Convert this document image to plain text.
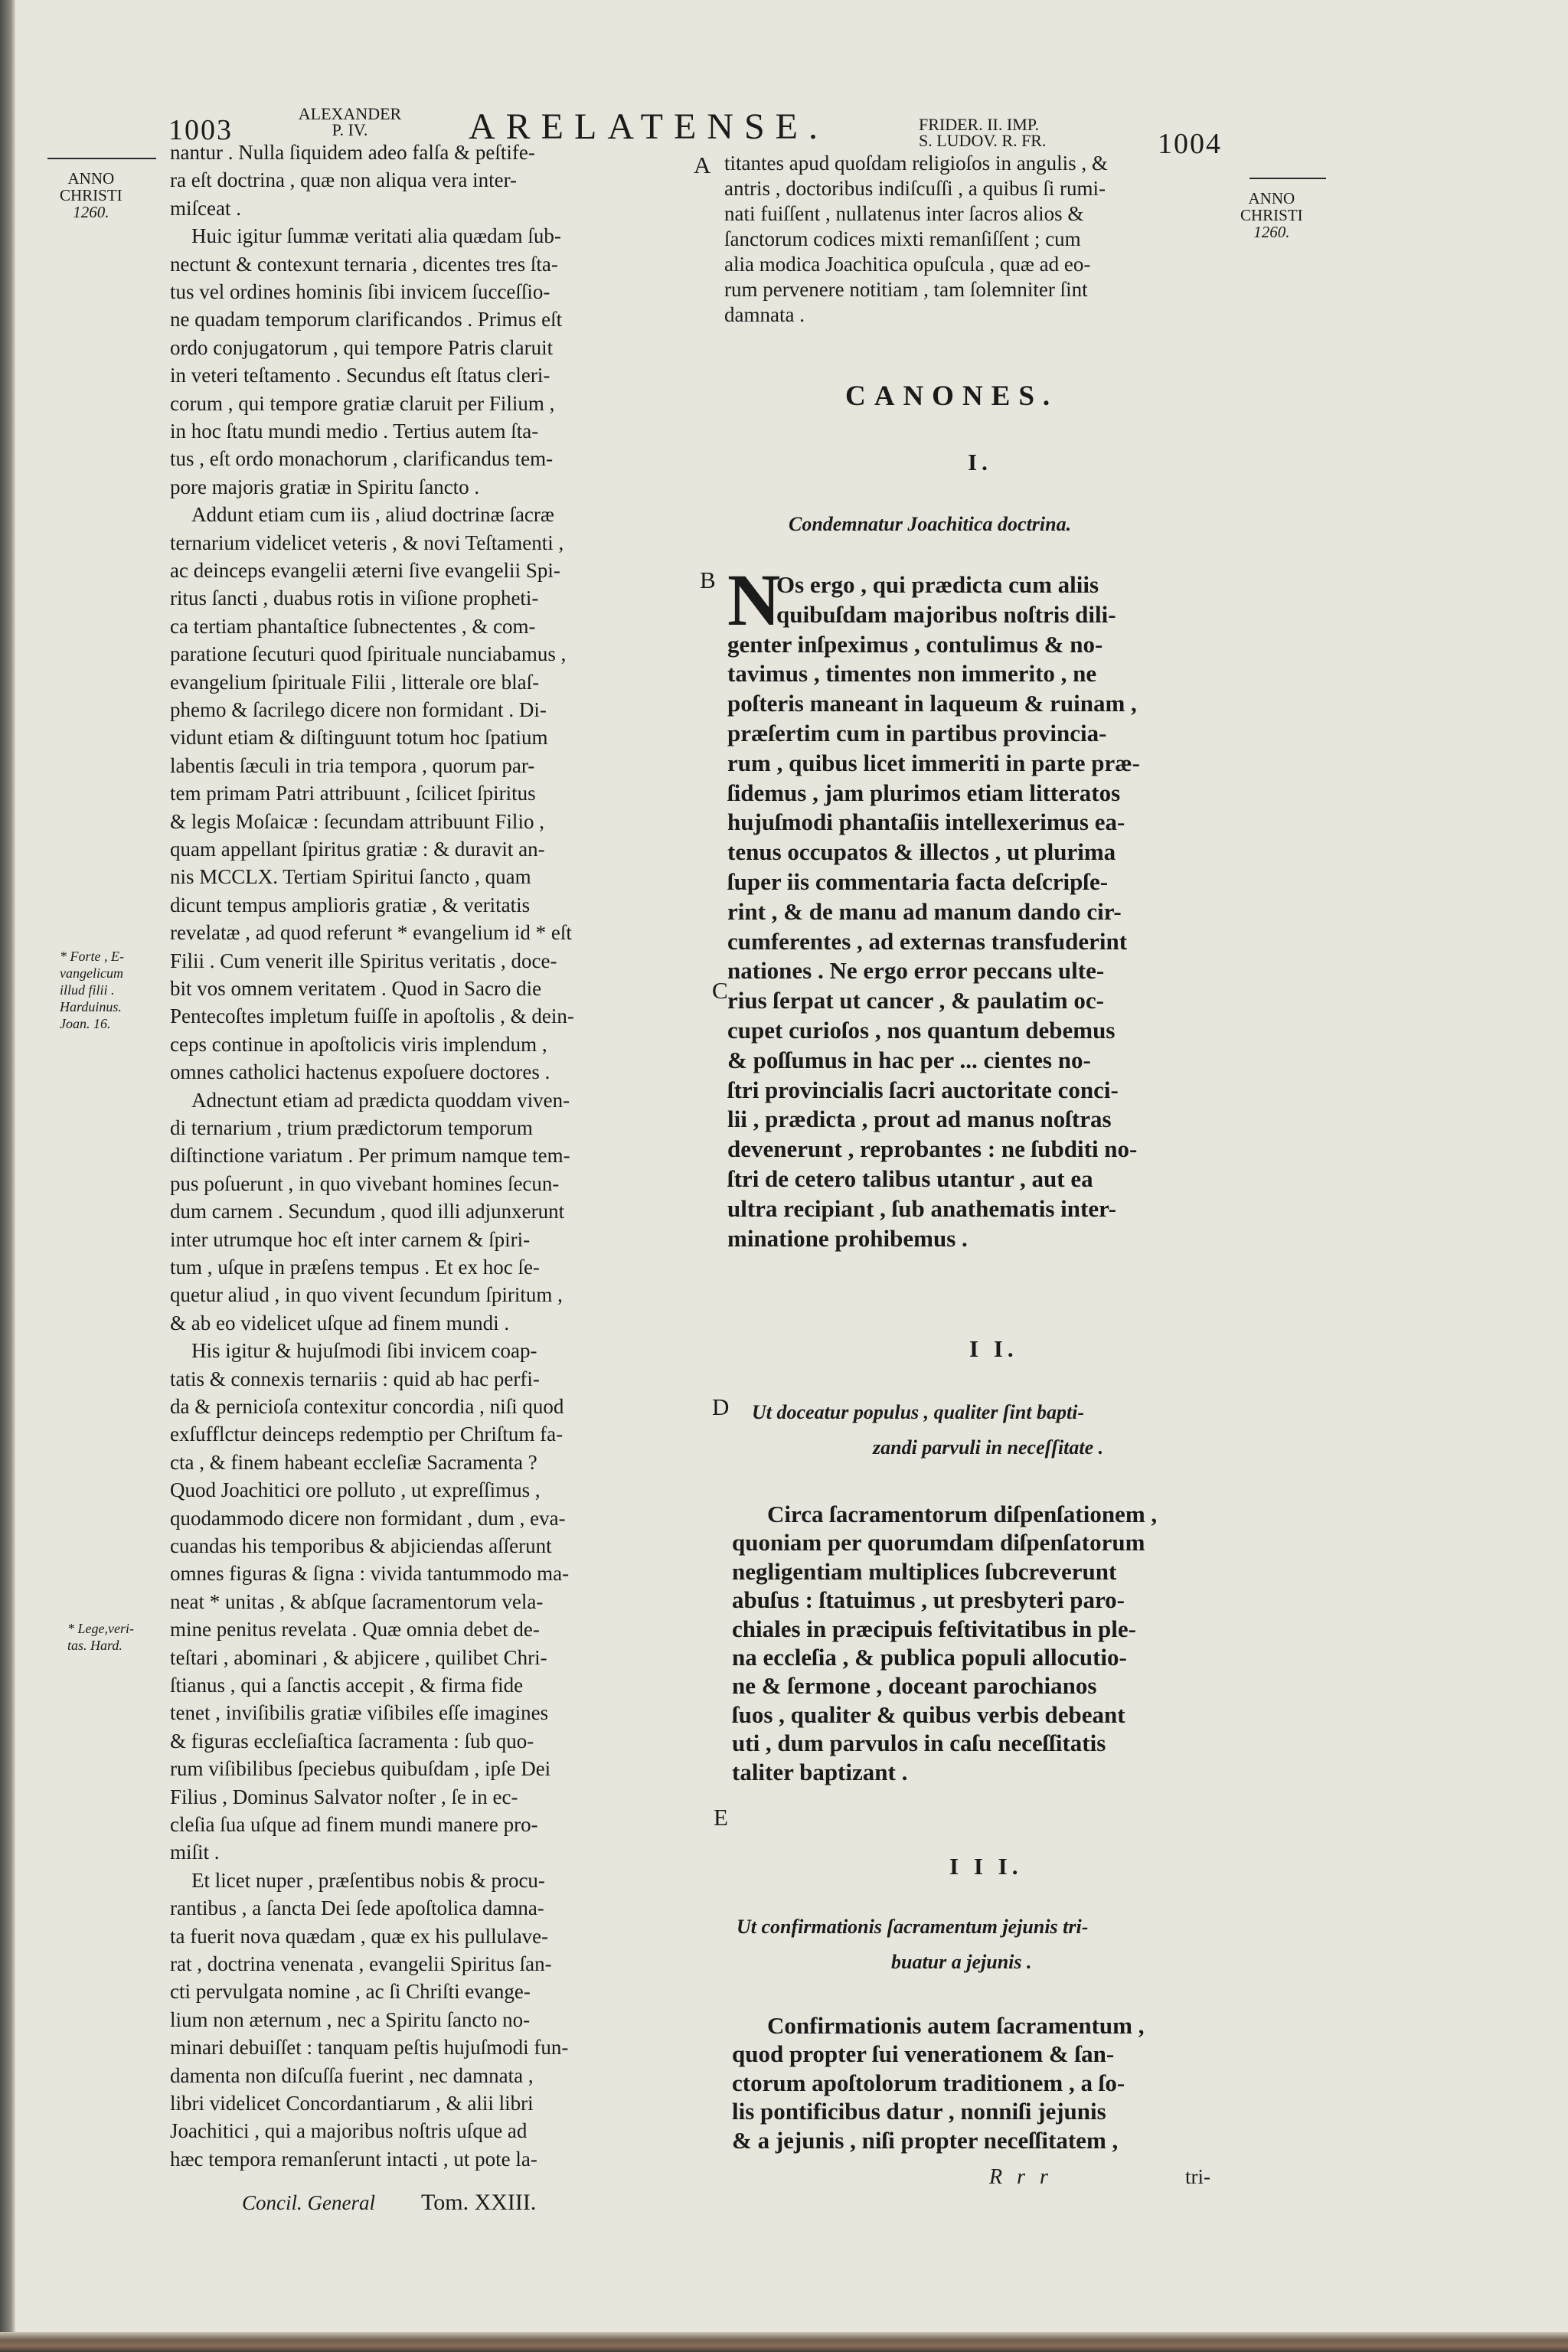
1003
ALEXANDER
P. IV.	ARELATENSE.	FRIDER. II. IMP.
S. LUDOV. R. FR.	1004
ANNO
CHRISTI
1260.
ANNO
CHRISTI
1260.
* Forte , E-
vangelicum
illud filii .
Harduinus.
Joan. 16.
* Lege,veri-
tas. Hard.
A
B
C
D
E
nantur . Nulla ſiquidem adeo falſa & peſtife-
ra eſt doctrina , quæ non aliqua vera inter-
miſceat .
Huic igitur ſummæ veritati alia quædam ſub-
nectunt & contexunt ternaria , dicentes tres ſta-
tus vel ordines hominis ſibi invicem ſucceſſio-
ne quadam temporum clarificandos . Primus eſt
ordo conjugatorum , qui tempore Patris claruit
in veteri teſtamento . Secundus eſt ſtatus cleri-
corum , qui tempore gratiæ claruit per Filium ,
in hoc ſtatu mundi medio . Tertius autem ſta-
tus , eſt ordo monachorum , clarificandus tem-
pore majoris gratiæ in Spiritu ſancto .
Addunt etiam cum iis , aliud doctrinæ ſacræ
ternarium videlicet veteris , & novi Teſtamenti ,
ac deinceps evangelii æterni ſive evangelii Spi-
ritus ſancti , duabus rotis in viſione propheti-
ca tertiam phantaſtice ſubnectentes , & com-
paratione ſecuturi quod ſpirituale nunciabamus ,
evangelium ſpirituale Filii , litterale ore blaſ-
phemo & ſacrilego dicere non formidant . Di-
vidunt etiam & diſtinguunt totum hoc ſpatium
labentis ſæculi in tria tempora , quorum par-
tem primam Patri attribuunt , ſcilicet ſpiritus
& legis Moſaicæ : ſecundam attribuunt Filio ,
quam appellant ſpiritus gratiæ : & duravit an-
nis MCCLX. Tertiam Spiritui ſancto , quam
dicunt tempus amplioris gratiæ , & veritatis
revelatæ , ad quod referunt * evangelium id * eſt
Filii . Cum venerit ille Spiritus veritatis , doce-
bit vos omnem veritatem . Quod in Sacro die
Pentecoſtes impletum fuiſſe in apoſtolis , & dein-
ceps continue in apoſtolicis viris implendum ,
omnes catholici hactenus expoſuere doctores .
Adnectunt etiam ad prædicta quoddam viven-
di ternarium , trium prædictorum temporum
diſtinctione variatum . Per primum namque tem-
pus poſuerunt , in quo vivebant homines ſecun-
dum carnem . Secundum , quod illi adjunxerunt
inter utrumque hoc eſt inter carnem & ſpiri-
tum , uſque in præſens tempus . Et ex hoc ſe-
quetur aliud , in quo vivent ſecundum ſpiritum ,
& ab eo videlicet uſque ad finem mundi .
His igitur & hujuſmodi ſibi invicem coap-
tatis & connexis ternariis : quid ab hac perfi-
da & pernicioſa contexitur concordia , niſi quod
exſufflctur deinceps redemptio per Chriſtum fa-
cta , & finem habeant eccleſiæ Sacramenta ?
Quod Joachitici ore polluto , ut expreſſimus ,
quodammodo dicere non formidant , dum , eva-
cuandas his temporibus & abjiciendas aſſerunt
omnes figuras & ſigna : vivida tantummodo ma-
neat * unitas , & abſque ſacramentorum vela-
mine penitus revelata . Quæ omnia debet de-
teſtari , abominari , & abjicere , quilibet Chri-
ſtianus , qui a ſanctis accepit , & firma fide
tenet , inviſibilis gratiæ viſibiles eſſe imagines
& figuras eccleſiaſtica ſacramenta : ſub quo-
rum viſibilibus ſpeciebus quibuſdam , ipſe Dei
Filius , Dominus Salvator noſter , ſe in ec-
cleſia ſua uſque ad finem mundi manere pro-
miſit .
Et licet nuper , præſentibus nobis & procu-
rantibus , a ſancta Dei ſede apoſtolica damna-
ta fuerit nova quædam , quæ ex his pullulave-
rat , doctrina venenata , evangelii Spiritus ſan-
cti pervulgata nomine , ac ſi Chriſti evange-
lium non æternum , nec a Spiritu ſancto no-
minari debuiſſet : tanquam peſtis hujuſmodi fun-
damenta non diſcuſſa fuerint , nec damnata ,
libri videlicet Concordantiarum , & alii libri
Joachitici , qui a majoribus noſtris uſque ad
hæc tempora remanſerunt intacti , ut pote la-
titantes apud quoſdam religioſos in angulis , &
antris , doctoribus indiſcuſſi , a quibus ſi rumi-
nati fuiſſent , nullatenus inter ſacros alios &
ſanctorum codices mixti remanſiſſent ; cum
alia modica Joachitica opuſcula , quæ ad eo-
rum pervenere notitiam , tam ſolemniter ſint
damnata .
CANONES.
I.
Condemnatur Joachitica doctrina.
N
Os ergo , qui prædicta cum aliis
quibuſdam majoribus noſtris dili-
genter inſpeximus , contulimus & no-
tavimus , timentes non immerito , ne
poſteris maneant in laqueum & ruinam ,
præſertim cum in partibus provincia-
rum , quibus licet immeriti in parte præ-
ſidemus , jam plurimos etiam litteratos
hujuſmodi phantaſiis intellexerimus ea-
tenus occupatos & illectos , ut plurima
ſuper iis commentaria facta deſcripſe-
rint , & de manu ad manum dando cir-
cumferentes , ad externas transfuderint
nationes . Ne ergo error peccans ulte-
rius ſerpat ut cancer , & paulatim oc-
cupet curioſos , nos quantum debemus
& poſſumus in hac per ... cientes no-
ſtri provincialis ſacri auctoritate conci-
lii , prædicta , prout ad manus noſtras
devenerunt , reprobantes : ne ſubditi no-
ſtri de cetero talibus utantur , aut ea
ultra recipiant , ſub anathematis inter-
minatione prohibemus .
I I.
Ut doceatur populus , qualiter ſint bapti-
zandi parvuli in neceſſitate .
Circa ſacramentorum diſpenſationem ,
quoniam per quorumdam diſpenſatorum
negligentiam multiplices ſubcreverunt
abuſus : ſtatuimus , ut presbyteri paro-
chiales in præcipuis feſtivitatibus in ple-
na eccleſia , & publica populi allocutio-
ne & ſermone , doceant parochianos
ſuos , qualiter & quibus verbis debeant
uti , dum parvulos in caſu neceſſitatis
taliter baptizant .
I I I.
Ut confirmationis ſacramentum jejunis tri-
buatur a jejunis .
Confirmationis autem ſacramentum ,
quod propter ſui venerationem & ſan-
ctorum apoſtolorum traditionem , a ſo-
lis pontificibus datur , nonniſi jejunis
& a jejunis , niſi propter neceſſitatem ,
Concil. General Tom. XXIII.
R r r	tri-
